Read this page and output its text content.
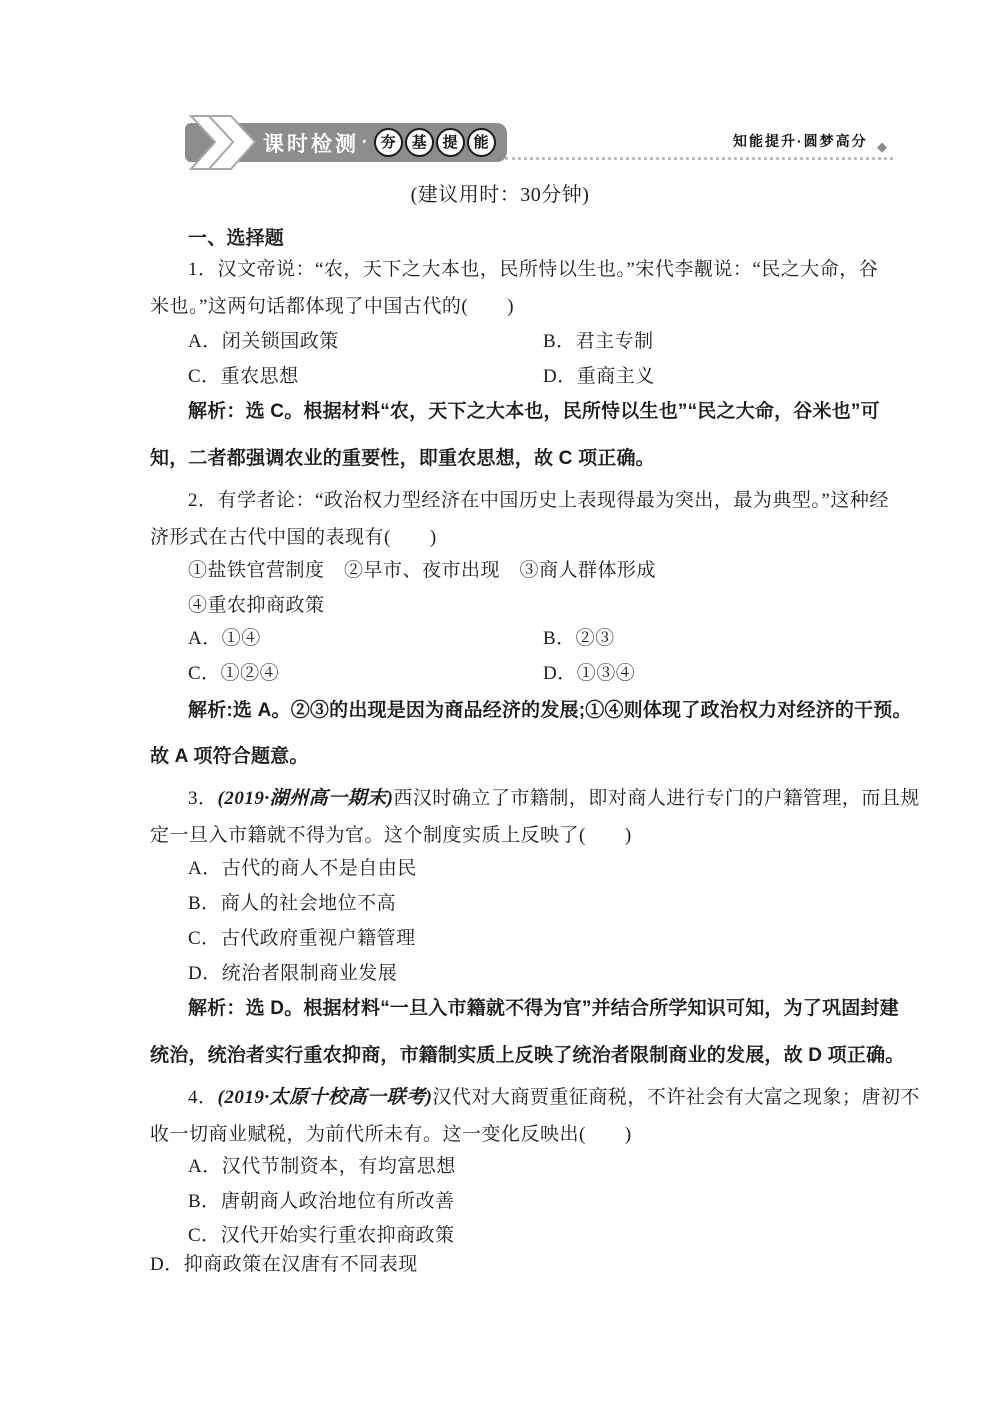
课时检测 · 夯	基	提	能	知能提升·圆梦高分 ◆
(建议用时：30分钟)
一、选择题
1．汉文帝说：“农，天下之大本也，民所恃以生也。”宋代李觏说：“民之大命，谷
米也。”这两句话都体现了中国古代的(　　)
A．闭关锁国政策	B．君主专制
C．重农思想	D．重商主义
解析：选 C。根据材料“农，天下之大本也，民所恃以生也”“民之大命，谷米也”可
知，二者都强调农业的重要性，即重农思想，故 C 项正确。
2．有学者论：“政治权力型经济在中国历史上表现得最为突出，最为典型。”这种经
济形式在古代中国的表现有(　　)
①盐铁官营制度　②早市、夜市出现　③商人群体形成
④重农抑商政策
A．①④	B．②③
C．①②④	D．①③④
解析:选 A。②③的出现是因为商品经济的发展;①④则体现了政治权力对经济的干预。
故 A 项符合题意。
3．(2019·湖州高一期末)西汉时确立了市籍制，即对商人进行专门的户籍管理，而且规
定一旦入市籍就不得为官。这个制度实质上反映了(　　)
A．古代的商人不是自由民
B．商人的社会地位不高
C．古代政府重视户籍管理
D．统治者限制商业发展
解析：选 D。根据材料“一旦入市籍就不得为官”并结合所学知识可知，为了巩固封建
统治，统治者实行重农抑商，市籍制实质上反映了统治者限制商业的发展，故 D 项正确。
4．(2019·太原十校高一联考)汉代对大商贾重征商税，不许社会有大富之现象；唐初不
收一切商业赋税，为前代所未有。这一变化反映出(　　)
A．汉代节制资本，有均富思想
B．唐朝商人政治地位有所改善
C．汉代开始实行重农抑商政策
D．抑商政策在汉唐有不同表现
